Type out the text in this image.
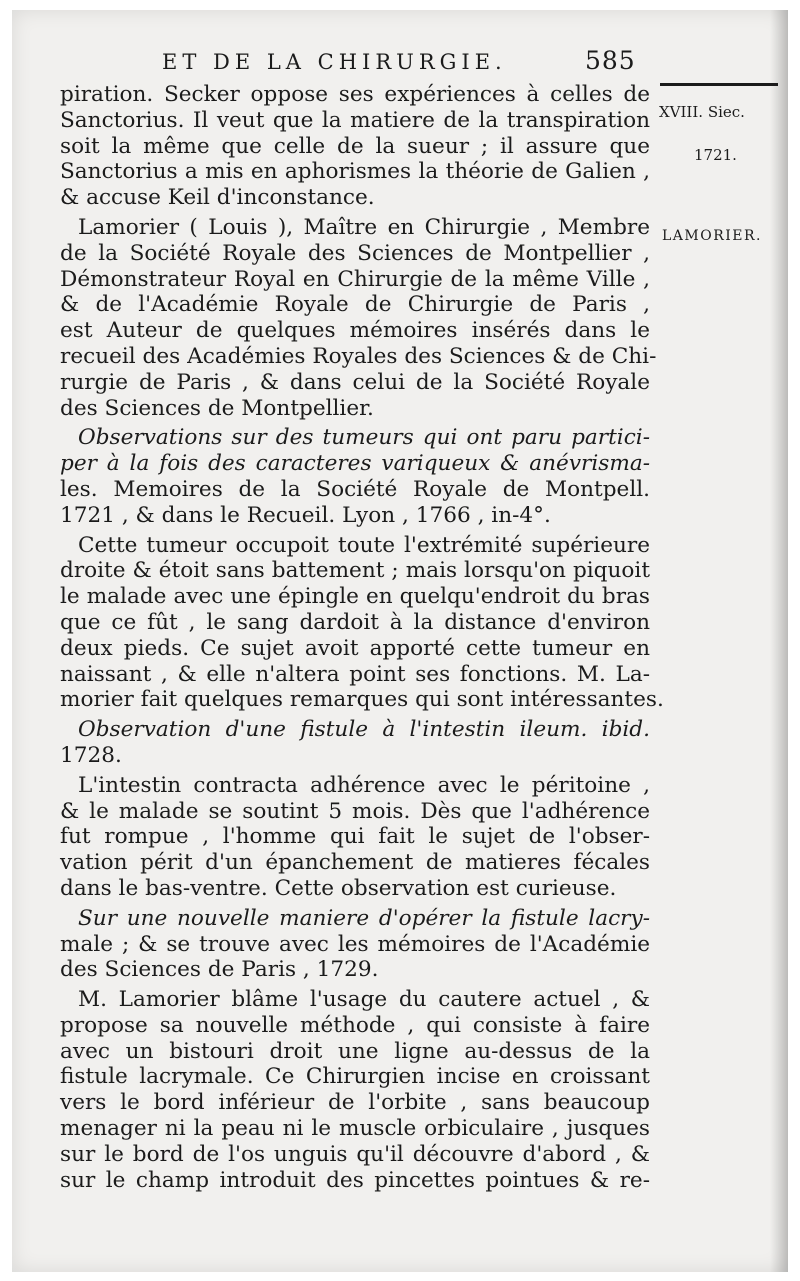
ET DE LA CHIRURGIE.	585
XVIII. Siec.
1721.
LAMORIER.
piration. Secker oppose ses expériences à celles de
Sanctorius. Il veut que la matiere de la transpiration
soit la même que celle de la sueur ; il assure que
Sanctorius a mis en aphorismes la théorie de Galien ,
& accuse Keil d'inconstance.
Lamorier ( Louis ), Maître en Chirurgie , Membre
de la Société Royale des Sciences de Montpellier ,
Démonstrateur Royal en Chirurgie de la même Ville ,
& de l'Académie Royale de Chirurgie de Paris ,
est Auteur de quelques mémoires insérés dans le
recueil des Académies Royales des Sciences & de Chi-
rurgie de Paris , & dans celui de la Société Royale
des Sciences de Montpellier.
Observations sur des tumeurs qui ont paru partici-
per à la fois des caracteres variqueux & anévrisma-
les. Memoires de la Société Royale de Montpell.
1721 , & dans le Recueil. Lyon , 1766 , in-4°.
Cette tumeur occupoit toute l'extrémité supérieure
droite & étoit sans battement ; mais lorsqu'on piquoit
le malade avec une épingle en quelqu'endroit du bras
que ce fût , le sang dardoit à la distance d'environ
deux pieds. Ce sujet avoit apporté cette tumeur en
naissant , & elle n'altera point ses fonctions. M. La-
morier fait quelques remarques qui sont intéressantes.
Observation d'une fistule à l'intestin ileum. ibid.
1728.
L'intestin contracta adhérence avec le péritoine ,
& le malade se soutint 5 mois. Dès que l'adhérence
fut rompue , l'homme qui fait le sujet de l'obser-
vation périt d'un épanchement de matieres fécales
dans le bas-ventre. Cette observation est curieuse.
Sur une nouvelle maniere d'opérer la fistule lacry-
male ; & se trouve avec les mémoires de l'Académie
des Sciences de Paris , 1729.
M. Lamorier blâme l'usage du cautere actuel , &
propose sa nouvelle méthode , qui consiste à faire
avec un bistouri droit une ligne au-dessus de la
fistule lacrymale. Ce Chirurgien incise en croissant
vers le bord inférieur de l'orbite , sans beaucoup
menager ni la peau ni le muscle orbiculaire , jusques
sur le bord de l'os unguis qu'il découvre d'abord , &
sur le champ introduit des pincettes pointues & re-
